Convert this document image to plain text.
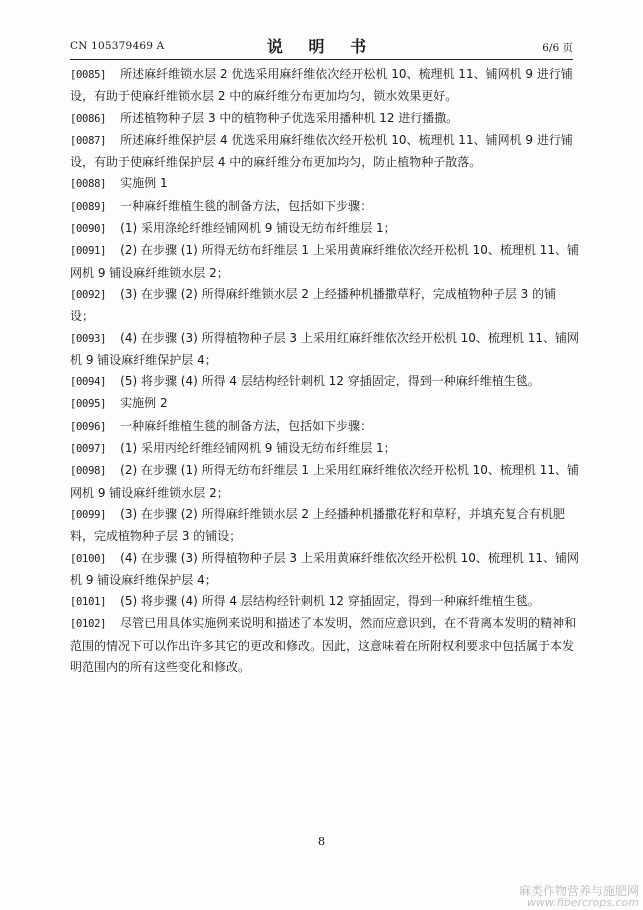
CN 105379469 A	说 明 书	6/6 页

[0085] 所述麻纤维锁水层 2 优选采用麻纤维依次经开松机 10、梳理机 11、铺网机 9 进行铺设，有助于使麻纤维锁水层 2 中的麻纤维分布更加均匀，锁水效果更好。

[0086] 所述植物种子层 3 中的植物种子优选采用播种机 12 进行播撒。

[0087] 所述麻纤维保护层 4 优选采用麻纤维依次经开松机 10、梳理机 11、铺网机 9 进行铺设，有助于使麻纤维保护层 4 中的麻纤维分布更加均匀，防止植物种子散落。

[0088] 实施例 1

[0089] 一种麻纤维植生毯的制备方法，包括如下步骤：

[0090] (1) 采用涤纶纤维经铺网机 9 铺设无纺布纤维层 1；

[0091] (2) 在步骤 (1) 所得无纺布纤维层 1 上采用黄麻纤维依次经开松机 10、梳理机 11、铺网机 9 铺设麻纤维锁水层 2；

[0092] (3) 在步骤 (2) 所得麻纤维锁水层 2 上经播种机播撒草籽，完成植物种子层 3 的铺设；

[0093] (4) 在步骤 (3) 所得植物种子层 3 上采用红麻纤维依次经开松机 10、梳理机 11、铺网机 9 铺设麻纤维保护层 4；

[0094] (5) 将步骤 (4) 所得 4 层结构经针刺机 12 穿插固定，得到一种麻纤维植生毯。

[0095] 实施例 2

[0096] 一种麻纤维植生毯的制备方法，包括如下步骤：

[0097] (1) 采用丙纶纤维经铺网机 9 铺设无纺布纤维层 1；

[0098] (2) 在步骤 (1) 所得无纺布纤维层 1 上采用红麻纤维依次经开松机 10、梳理机 11、铺网机 9 铺设麻纤维锁水层 2；

[0099] (3) 在步骤 (2) 所得麻纤维锁水层 2 上经播种机播撒花籽和草籽，并填充复合有机肥料，完成植物种子层 3 的铺设；

[0100] (4) 在步骤 (3) 所得植物种子层 3 上采用黄麻纤维依次经开松机 10、梳理机 11、铺网机 9 铺设麻纤维保护层 4；

[0101] (5) 将步骤 (4) 所得 4 层结构经针刺机 12 穿插固定，得到一种麻纤维植生毯。

[0102] 尽管已用具体实施例来说明和描述了本发明，然而应意识到，在不背离本发明的精神和范围的情况下可以作出许多其它的更改和修改。因此，这意味着在所附权利要求中包括属于本发明范围内的所有这些变化和修改。

8
麻类作物营养与施肥网
www.fibercrops.com
